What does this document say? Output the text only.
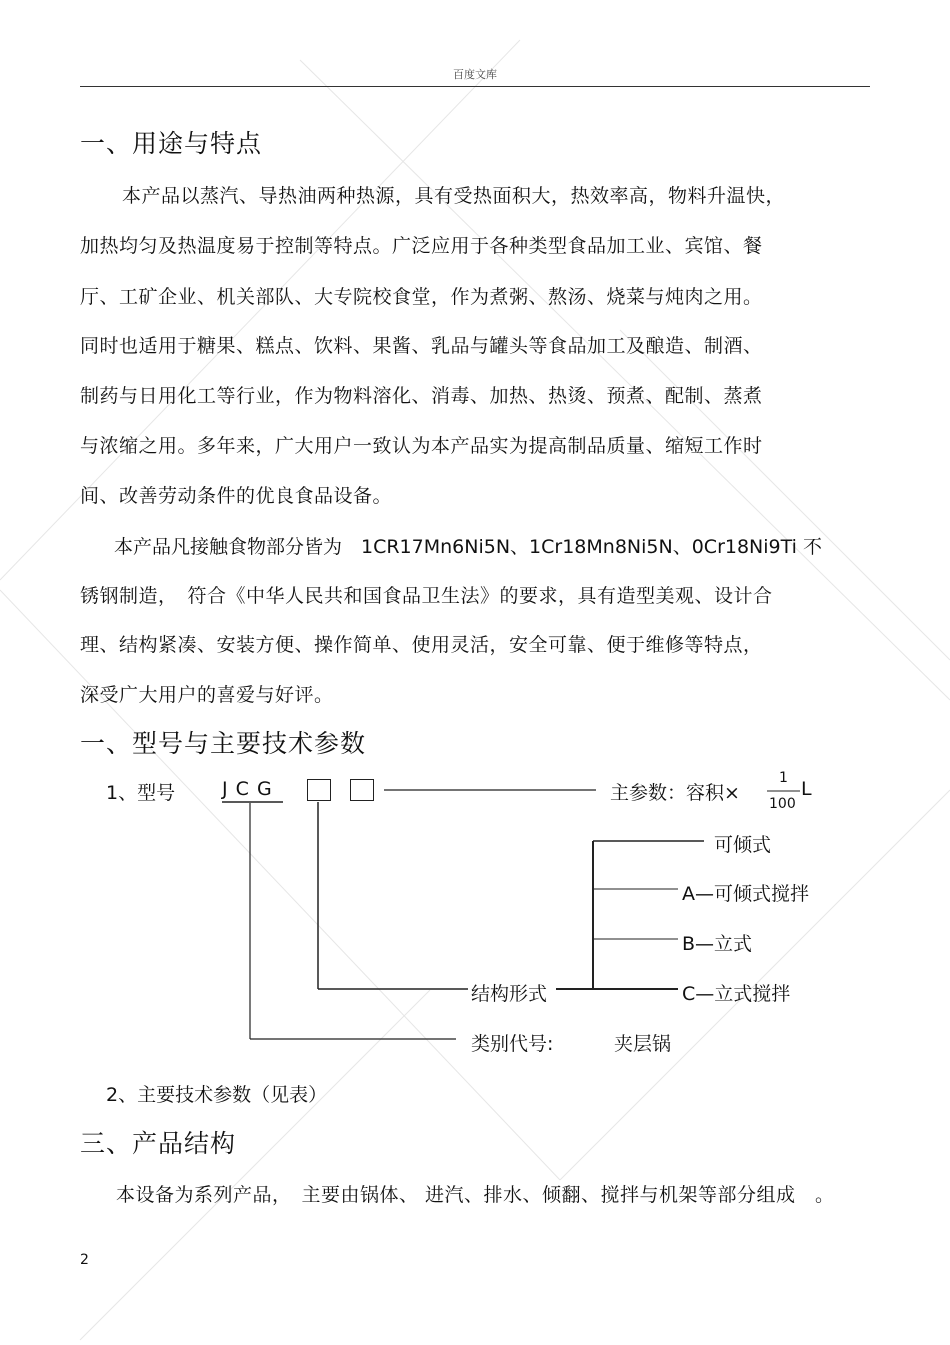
百度文库
一、用途与特点
本产品以蒸汽、导热油两种热源，具有受热面积大，热效率高，物料升温快，
加热均匀及热温度易于控制等特点。广泛应用于各种类型食品加工业、宾馆、餐
厅、工矿企业、机关部队、大专院校食堂，作为煮粥、熬汤、烧菜与炖肉之用。
同时也适用于糖果、糕点、饮料、果酱、乳品与罐头等食品加工及酿造、制酒、
制药与日用化工等行业，作为物料溶化、消毒、加热、热烫、预煮、配制、蒸煮
与浓缩之用。多年来，广大用户一致认为本产品实为提高制品质量、缩短工作时
间、改善劳动条件的优良食品设备。
本产品凡接触食物部分皆为　1CR17Mn6Ni5N、1Cr18Mn8Ni5N、0Cr18Ni9Ti 不
锈钢制造，　符合《中华人民共和国食品卫生法》的要求，具有造型美观、设计合
理、结构紧凑、安装方便、操作简单、使用灵活，安全可靠、便于维修等特点，
深受广大用户的喜爱与好评。
一、型号与主要技术参数
1、型号 J C G	主参数：容积×
1
100
L
可倾式
A—可倾式搅拌
B—立式
C—立式搅拌
结构形式
类别代号:	夹层锅
2、主要技术参数（见表）
三、产品结构
本设备为系列产品，　主要由锅体、 进汽、排水、倾翻、搅拌与机架等部分组成　。
2
